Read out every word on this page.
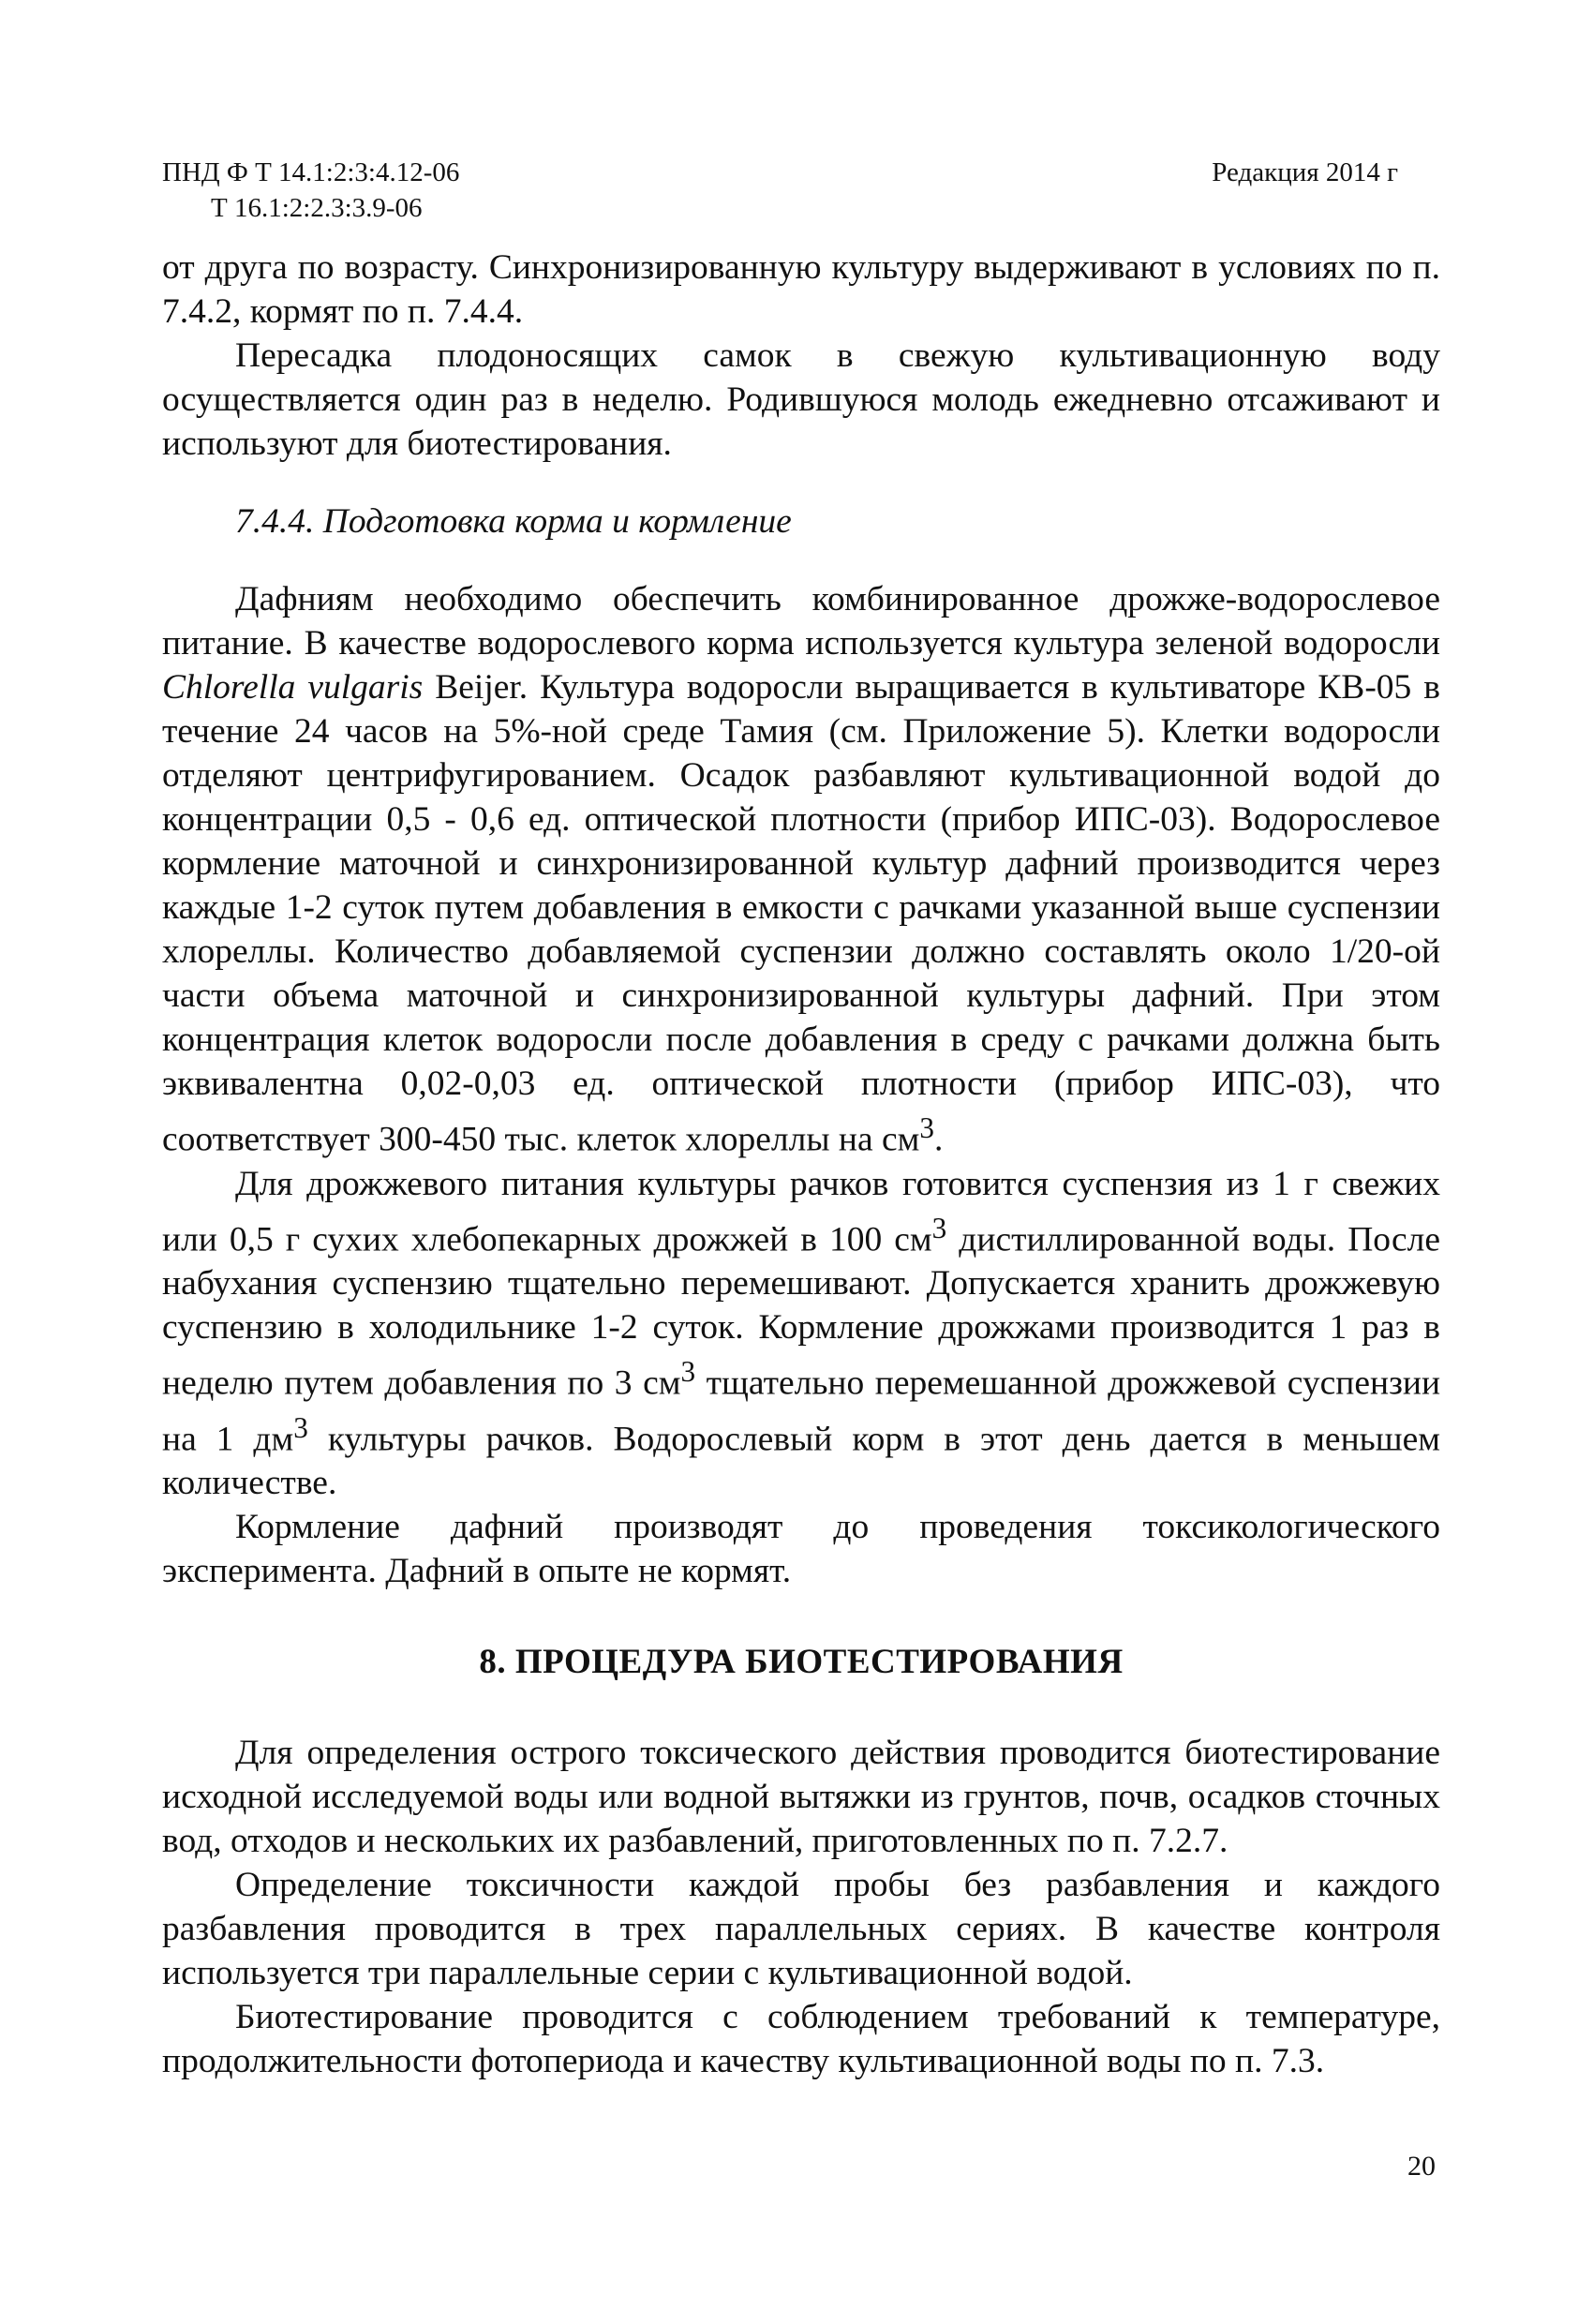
ПНД Ф Т 14.1:2:3:4.12-06
Т 16.1:2:2.3:3.9-06
Редакция 2014 г

от друга по возрасту. Синхронизированную культуру выдерживают в условиях по п. 7.4.2, кормят по п. 7.4.4.

Пересадка плодоносящих самок в свежую культивационную воду осуществляется один раз в неделю. Родившуюся молодь ежедневно отсаживают и используют для биотестирования.

7.4.4. Подготовка корма и кормление

Дафниям необходимо обеспечить комбинированное дрожже-водорослевое питание. В качестве водорослевого корма используется культура зеленой водоросли Chlorella vulgaris Beijer. Культура водоросли выращивается в культиваторе КВ-05 в течение 24 часов на 5%-ной среде Тамия (см. Приложение 5). Клетки водоросли отделяют центрифугированием. Осадок разбавляют культивационной водой до концентрации 0,5 - 0,6 ед. оптической плотности (прибор ИПС-03). Водорослевое кормление маточной и синхронизированной культур дафний производится через каждые 1-2 суток путем добавления в емкости с рачками указанной выше суспензии хлореллы. Количество добавляемой суспензии должно составлять около 1/20-ой части объема маточной и синхронизированной культуры дафний. При этом концентрация клеток водоросли после добавления в среду с рачками должна быть эквивалентна 0,02-0,03 ед. оптической плотности (прибор ИПС-03), что соответствует 300-450 тыс. клеток хлореллы на $см^3$.

Для дрожжевого питания культуры рачков готовится суспензия из 1 г свежих или 0,5 г сухих хлебопекарных дрожжей в 100 $см^3$ дистиллированной воды. После набухания суспензию тщательно перемешивают. Допускается хранить дрожжевую суспензию в холодильнике 1-2 суток. Кормление дрожжами производится 1 раз в неделю путем добавления по 3 $см^3$ тщательно перемешанной дрожжевой суспензии на 1 $дм^3$ культуры рачков. Водорослевый корм в этот день дается в меньшем количестве.

Кормление дафний производят до проведения токсикологического эксперимента. Дафний в опыте не кормят.

8. ПРОЦЕДУРА БИОТЕСТИРОВАНИЯ

Для определения острого токсического действия проводится биотестирование исходной исследуемой воды или водной вытяжки из грунтов, почв, осадков сточных вод, отходов и нескольких их разбавлений, приготовленных по п. 7.2.7.

Определение токсичности каждой пробы без разбавления и каждого разбавления проводится в трех параллельных сериях. В качестве контроля используется три параллельные серии с культивационной водой.

Биотестирование проводится с соблюдением требований к температуре, продолжительности фотопериода и качеству культивационной воды по п. 7.3.

20
